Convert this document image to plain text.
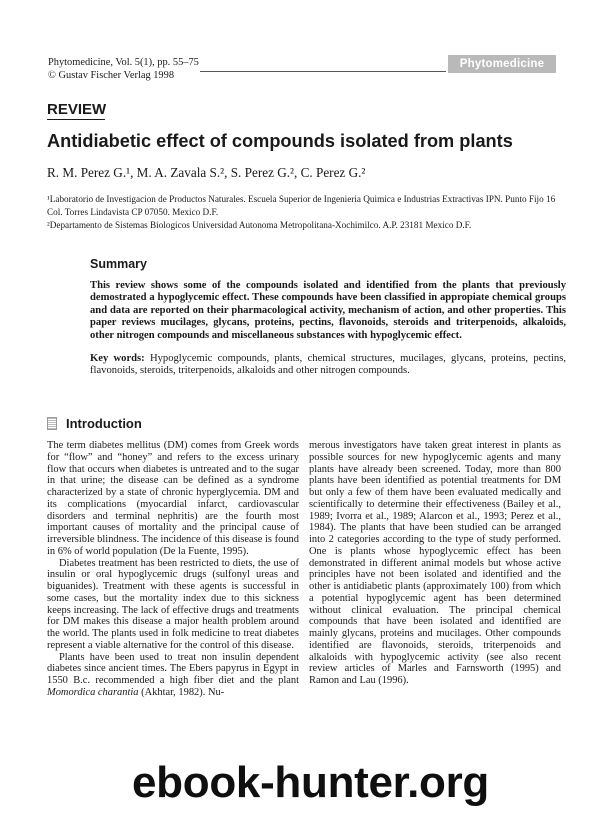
Phytomedicine, Vol. 5(1), pp. 55–75
© Gustav Fischer Verlag 1998
Phytomedicine
REVIEW
Antidiabetic effect of compounds isolated from plants
R. M. Perez G.¹, M. A. Zavala S.², S. Perez G.², C. Perez G.²
¹Laboratorio de Investigacion de Productos Naturales. Escuela Superior de Ingenieria Quimica e Industrias Extractivas IPN. Punto Fijo 16 Col. Torres Lindavista CP 07050. Mexico D.F.
²Departamento de Sistemas Biologicos Universidad Autonoma Metropolitana-Xochimilco. A.P. 23181 Mexico D.F.
Summary
This review shows some of the compounds isolated and identified from the plants that previously demostrated a hypoglycemic effect. These compounds have been classified in appropiate chemical groups and data are reported on their pharmacological activity, mechanism of action, and other properties. This paper reviews mucilages, glycans, proteins, pectins, flavonoids, steroids and triterpenoids, alkaloids, other nitrogen compounds and miscellaneous substances with hypoglycemic effect.
Key words: Hypoglycemic compounds, plants, chemical structures, mucilages, glycans, proteins, pectins, flavonoids, steroids, triterpenoids, alkaloids and other nitrogen compounds.
Introduction

The term diabetes mellitus (DM) comes from Greek words for “flow” and “honey” and refers to the excess urinary flow that occurs when diabetes is untreated and to the sugar in that urine; the disease can be defined as a syndrome characterized by a state of chronic hyperglycemia. DM and its complications (myocardial infarct, cardiovascular disorders and terminal nephritis) are the fourth most important causes of mortality and the principal cause of irreversible blindness. The incidence of this disease is found in 6% of world population (De la Fuente, 1995).

Diabetes treatment has been restricted to diets, the use of insulin or oral hypoglycemic drugs (sulfonyl ureas and biguanides). Treatment with these agents is successful in some cases, but the mortality index due to this sickness keeps increasing. The lack of effective drugs and treatments for DM makes this disease a major health problem around the world. The plants used in folk medicine to treat diabetes represent a viable alternative for the control of this disease.

Plants have been used to treat non insulin dependent diabetes since ancient times. The Ebers papyrus in Egypt in 1550 B.c. recommended a high fiber diet and the plant Momordica charantia (Akhtar, 1982). Nu-

merous investigators have taken great interest in plants as possible sources for new hypoglycemic agents and many plants have already been screened. Today, more than 800 plants have been identified as potential treatments for DM but only a few of them have been evaluated medically and scientifically to determine their effectiveness (Bailey et al., 1989; Ivorra et al., 1989; Alarcon et al., 1993; Perez et al., 1984). The plants that have been studied can be arranged into 2 categories according to the type of study performed. One is plants whose hypoglycemic effect has been demonstrated in different animal models but whose active principles have not been isolated and identified and the other is antidiabetic plants (approximately 100) from which a potential hypoglycemic agent has been determined without clinical evaluation. The principal chemical compounds that have been isolated and identified are mainly glycans, proteins and mucilages. Other compounds identified are flavonoids, steroids, triterpenoids and alkaloids with hypoglycemic activity (see also recent review articles of Marles and Farnsworth (1995) and Ramon and Lau (1996).

ebook-hunter.org
